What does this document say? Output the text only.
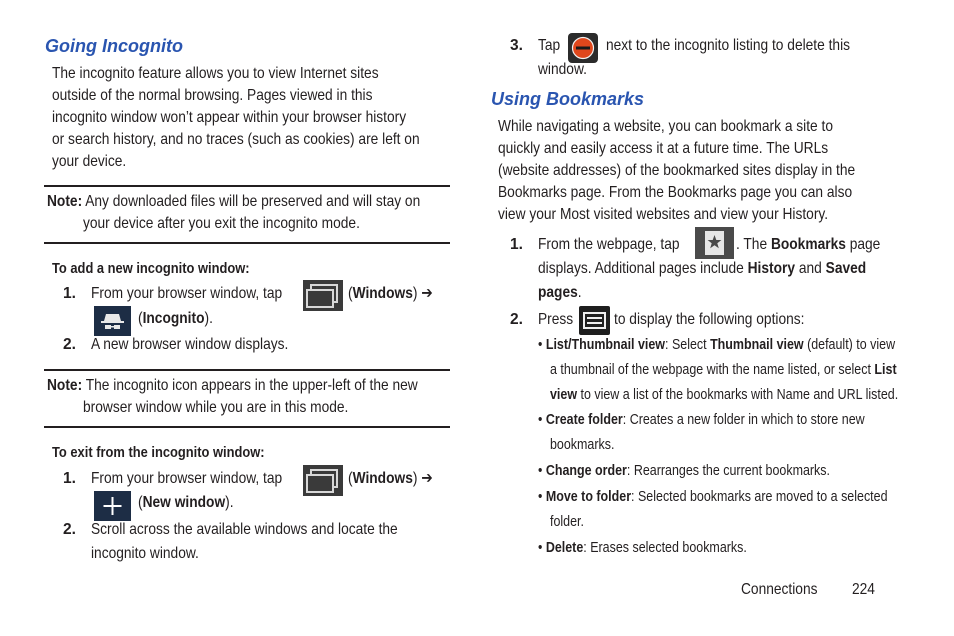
Going Incognito
The incognito feature allows you to view Internet sites
outside of the normal browsing. Pages viewed in this
incognito window won’t appear within your browser history
or search history, and no traces (such as cookies) are left on
your device.
Note: Any downloaded files will be preserved and will stay on
your device after you exit the incognito mode.
To add a new incognito window:
1. From your browser window, tap	(Windows) ➔
(Incognito).
2. A new browser window displays.
Note: The incognito icon appears in the upper-left of the new
browser window while you are in this mode.
To exit from the incognito window:
1. From your browser window, tap	(Windows) ➔
(New window).
2. Scroll across the available windows and locate the
incognito window.
3. Tap	next to the incognito listing to delete this
window.
Using Bookmarks
While navigating a website, you can bookmark a site to
quickly and easily access it at a future time. The URLs
(website addresses) of the bookmarked sites display in the
Bookmarks page. From the Bookmarks page you can also
view your Most visited websites and view your History.
1. From the webpage, tap	. The Bookmarks page
displays. Additional pages include History and Saved
pages.
2. Press	to display the following options:
• List/Thumbnail view: Select Thumbnail view (default) to view
a thumbnail of the webpage with the name listed, or select List
view to view a list of the bookmarks with Name and URL listed.
• Create folder: Creates a new folder in which to store new
bookmarks.
• Change order: Rearranges the current bookmarks.
• Move to folder: Selected bookmarks are moved to a selected
folder.
• Delete: Erases selected bookmarks.
Connections	224
